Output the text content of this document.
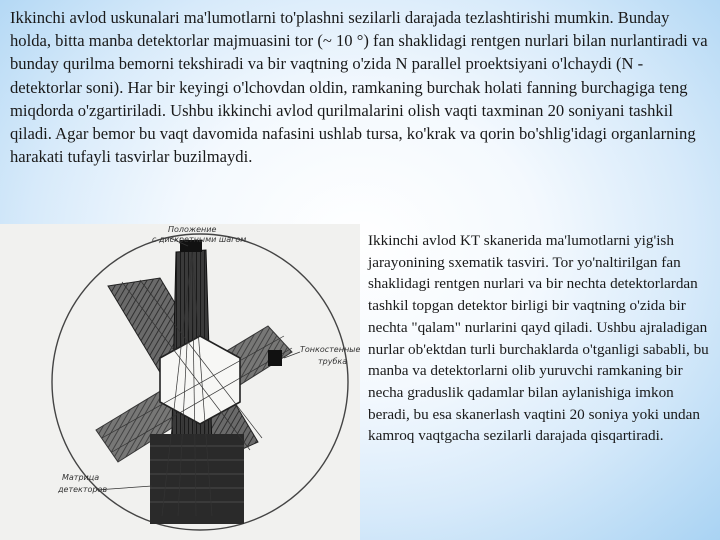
Ikkinchi avlod uskunalari ma'lumotlarni to'plashni sezilarli darajada tezlashtirishi mumkin. Bunday holda, bitta manba detektorlar majmuasini tor (~ 10 °) fan shaklidagi rentgen nurlari bilan nurlantiradi va bunday qurilma bemorni tekshiradi va bir vaqtning o'zida N parallel proektsiyani o'lchaydi (N - detektorlar soni). Har bir keyingi o'lchovdan oldin, ramkaning burchak holati fanning burchagiga teng miqdorda o'zgartiriladi. Ushbu ikkinchi avlod qurilmalarini olish vaqti taxminan 20 soniyani tashkil qiladi. Agar bemor bu vaqt davomida nafasini ushlab tursa, ko'krak va qorin bo'shlig'idagi organlarning harakati tufayli tasvirlar buzilmaydi.

Положение
с дискретными шагом
Тонкостенные
трубка
Матрица
детекторов

Ikkinchi avlod KT skanerida ma'lumotlarni yig'ish jarayonining sxematik tasviri. Tor yo'naltirilgan fan shaklidagi rentgen nurlari va bir nechta detektorlardan tashkil topgan detektor birligi bir vaqtning o'zida bir nechta "qalam" nurlarini qayd qiladi. Ushbu ajraladigan nurlar ob'ektdan turli burchaklarda o'tganligi sababli, bu manba va detektorlarni olib yuruvchi ramkaning bir necha graduslik qadamlar bilan aylanishiga imkon beradi, bu esa skanerlash vaqtini 20 soniya yoki undan kamroq vaqtgacha sezilarli darajada qisqartiradi.
